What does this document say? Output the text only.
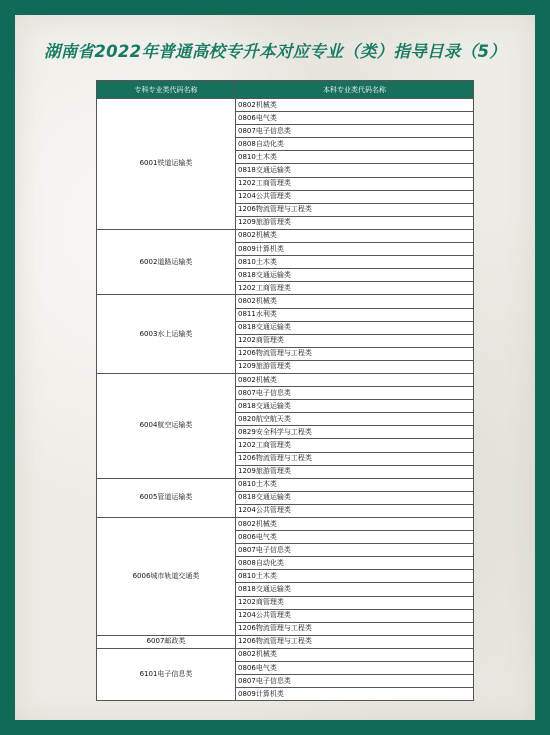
湖南省2022年普通高校专升本对应专业（类）指导目录（5）
专科专业类代码名称	本科专业类代码名称
6001铁道运输类	0802机械类
	0806电气类
	0807电子信息类
	0808自动化类
	0810土木类
	0818交通运输类
	1202工商管理类
	1204公共管理类
	1206物流管理与工程类
	1209旅游管理类
6002道路运输类	0802机械类
	0809计算机类
	0810土木类
	0818交通运输类
	1202工商管理类
6003水上运输类	0802机械类
	0811水利类
	0818交通运输类
	1202商管理类
	1206物流管理与工程类
	1209旅游管理类
6004航空运输类	0802机械类
	0807电子信息类
	0818交通运输类
	0820航空航天类
	0829安全科学与工程类
	1202工商管理类
	1206物流管理与工程类
	1209旅游管理类
6005管道运输类	0810土木类
	0818交通运输类
	1204公共管理类
6006城市轨道交通类	0802机械类
	0806电气类
	0807电子信息类
	0808自动化类
	0810土木类
	0818交通运输类
	1202商管理类
	1204公共管理类
	1206物流管理与工程类
6007邮政类	1206物流管理与工程类
6101电子信息类	0802机械类
	0806电气类
	0807电子信息类
	0809计算机类
